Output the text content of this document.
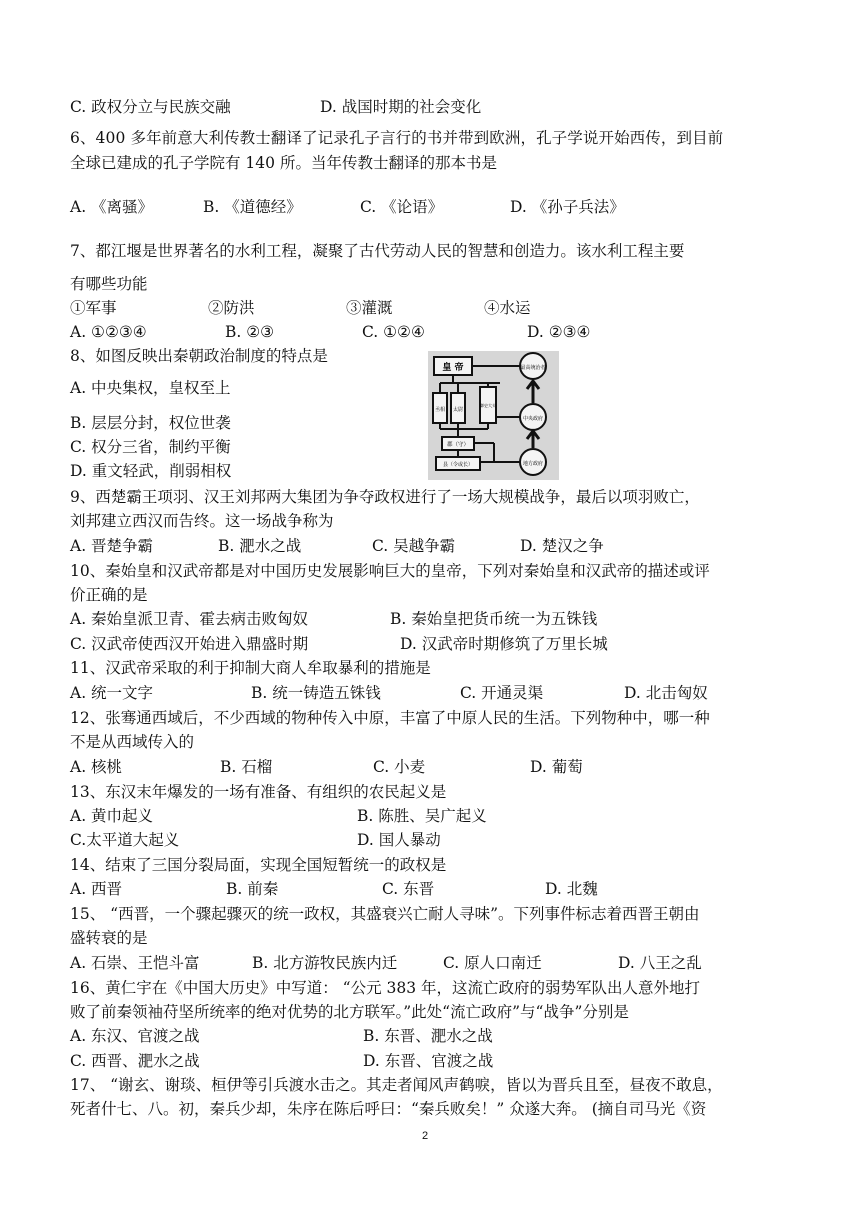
C. 政权分立与民族交融	D. 战国时期的社会变化
6、400 多年前意大利传教士翻译了记录孔子言行的书并带到欧洲，孔子学说开始西传，到目前
全球已建成的孔子学院有 140 所。当年传教士翻译的那本书是
A. 《离骚》	B. 《道德经》	C. 《论语》	D. 《孙子兵法》
7、都江堰是世界著名的水利工程，凝聚了古代劳动人民的智慧和创造力。该水利工程主要
有哪些功能
①军事	②防洪	③灌溉	④水运
A. ①②③④	B. ②③	C. ①②④	D. ②③④
8、如图反映出秦朝政治制度的特点是
A. 中央集权，皇权至上
B. 层层分封，权位世袭
C. 权分三省，制约平衡
D. 重文轻武，削弱相权
皇 帝	最高统治者
中央政府
地方政府
丞相 太尉
御史大夫
郡（守）
县（令或长）
9、西楚霸王项羽、汉王刘邦两大集团为争夺政权进行了一场大规模战争，最后以项羽败亡，
刘邦建立西汉而告终。这一场战争称为
A. 晋楚争霸	B. 淝水之战	C. 吴越争霸	D. 楚汉之争
10、秦始皇和汉武帝都是对中国历史发展影响巨大的皇帝，下列对秦始皇和汉武帝的描述或评
价正确的是
A. 秦始皇派卫青、霍去病击败匈奴	B. 秦始皇把货币统一为五铢钱
C. 汉武帝使西汉开始进入鼎盛时期	D. 汉武帝时期修筑了万里长城
11、汉武帝采取的利于抑制大商人牟取暴利的措施是
A. 统一文字	B. 统一铸造五铢钱	C. 开通灵渠	D. 北击匈奴
12、张骞通西域后，不少西域的物种传入中原，丰富了中原人民的生活。下列物种中，哪一种
不是从西域传入的
A. 核桃	B. 石榴	C. 小麦	D. 葡萄
13、东汉末年爆发的一场有准备、有组织的农民起义是
A. 黄巾起义	B. 陈胜、吴广起义
C.太平道大起义	D. 国人暴动
14、结束了三国分裂局面，实现全国短暂统一的政权是
A. 西晋	B. 前秦	C. 东晋	D. 北魏
15、 “西晋，一个骤起骤灭的统一政权，其盛衰兴亡耐人寻味”。下列事件标志着西晋王朝由
盛转衰的是
A. 石崇、王恺斗富	B. 北方游牧民族内迁	C. 原人口南迁	D. 八王之乱
16、黄仁宇在《中国大历史》中写道： “公元 383 年，这流亡政府的弱势军队出人意外地打
败了前秦领袖苻坚所统率的绝对优势的北方联军。”此处“流亡政府”与“战争”分别是
A. 东汉、官渡之战	B. 东晋、淝水之战
C. 西晋、淝水之战	D. 东晋、官渡之战
17、 “谢玄、谢琰、桓伊等引兵渡水击之。其走者闻风声鹤唳，皆以为晋兵且至，昼夜不敢息，
死者什七、八。初，秦兵少却，朱序在陈后呼曰：“秦兵败矣！” 众遂大奔。 (摘自司马光《资
2
